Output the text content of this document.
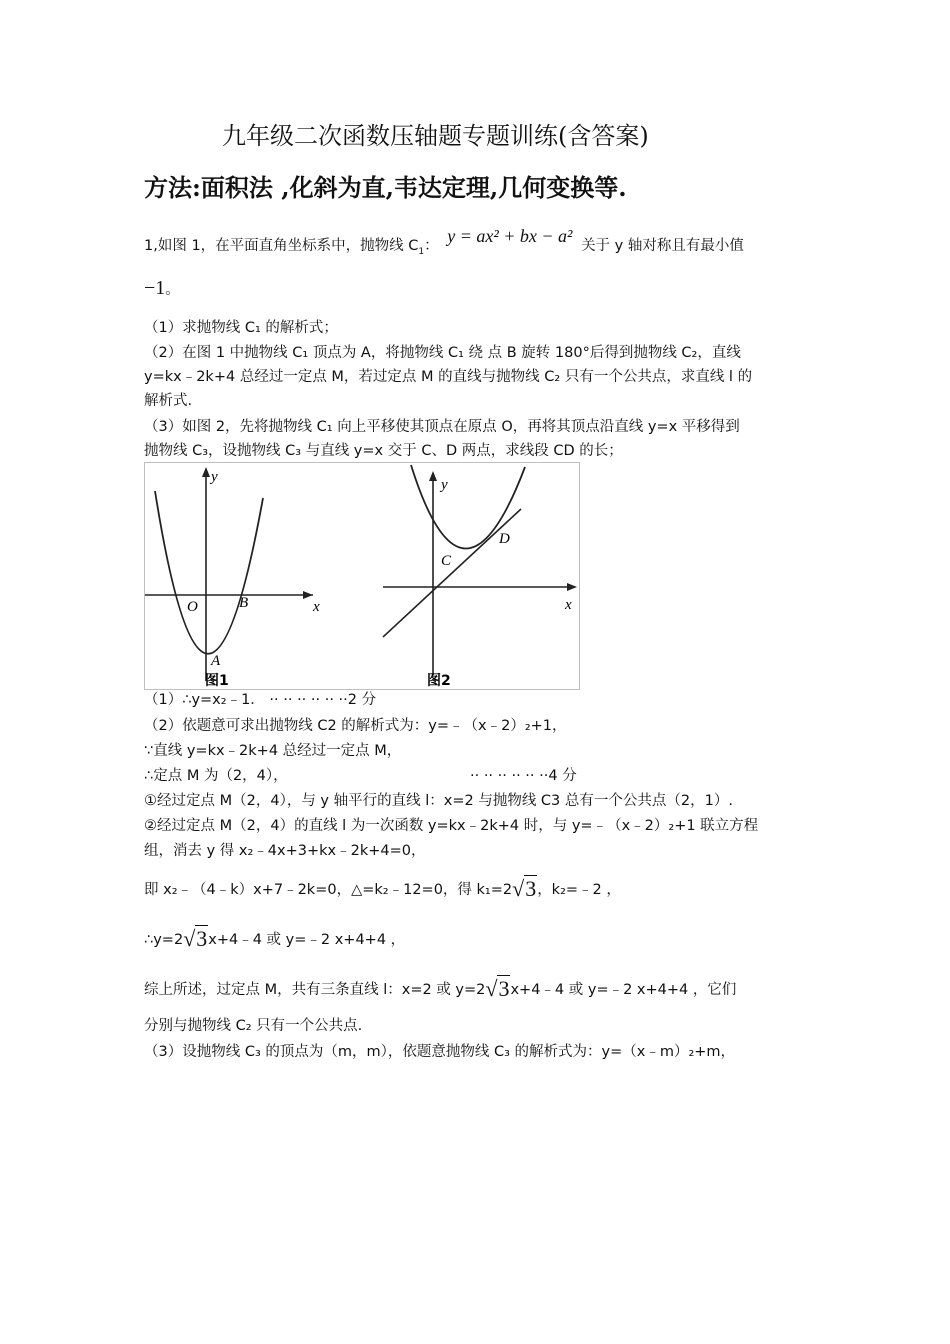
九年级二次函数压轴题专题训练(含答案)
方法:面积法 ,化斜为直,韦达定理,几何变换等.
1,如图 1，在平面直角坐标系中，抛物线 $C_1$： y = ax² + bx − a² 关于 y 轴对称且有最小值
−1。
（1）求抛物线 C₁ 的解析式；
（2）在图 1 中抛物线 C₁ 顶点为 A，将抛物线 C₁ 绕 点 B 旋转 180°后得到抛物线 C₂，直线
y=kx﹣2k+4 总经过一定点 M，若过定点 M 的直线与抛物线 C₂ 只有一个公共点，求直线 l 的
解析式.
（3）如图 2，先将抛物线 C₁ 向上平移使其顶点在原点 O，再将其顶点沿直线 y=x 平移得到
抛物线 C₃，设抛物线 C₃ 与直线 y=x 交于 C、D 两点，求线段 CD 的长；
y
x
O	B
A
图1
y
x
C
D
图2
（1）∴y=x₂﹣1． ·· ·· ·· ·· ·· ··2 分
（2）依题意可求出抛物线 C2 的解析式为：y=﹣（x﹣2）₂+1，
∵直线 y=kx﹣2k+4 总经过一定点 M，
∴定点 M 为（2，4），	·· ·· ·· ·· ·· ··4 分
①经过定点 M（2，4），与 y 轴平行的直线 l：x=2 与抛物线 C3 总有一个公共点（2，1）.
②经过定点 M（2，4）的直线 l 为一次函数 y=kx﹣2k+4 时，与 y=﹣（x﹣2）₂+1 联立方程
组，消去 y 得 x₂﹣4x+3+kx﹣2k+4=0，
即 x₂﹣（4﹣k）x+7﹣2k=0，△=k₂﹣12=0，得 k₁=2 √ 3，k₂=﹣2 ，
∴y=2 √ 3x+4﹣4 或 y=﹣2 x+4+4 ，
综上所述，过定点 M，共有三条直线 l：x=2 或 y=2 √ 3x+4﹣4 或 y=﹣2 x+4+4 ，它们
分别与抛物线 C₂ 只有一个公共点.
（3）设抛物线 C₃ 的顶点为（m，m），依题意抛物线 C₃ 的解析式为：y=（x﹣m）₂+m，
